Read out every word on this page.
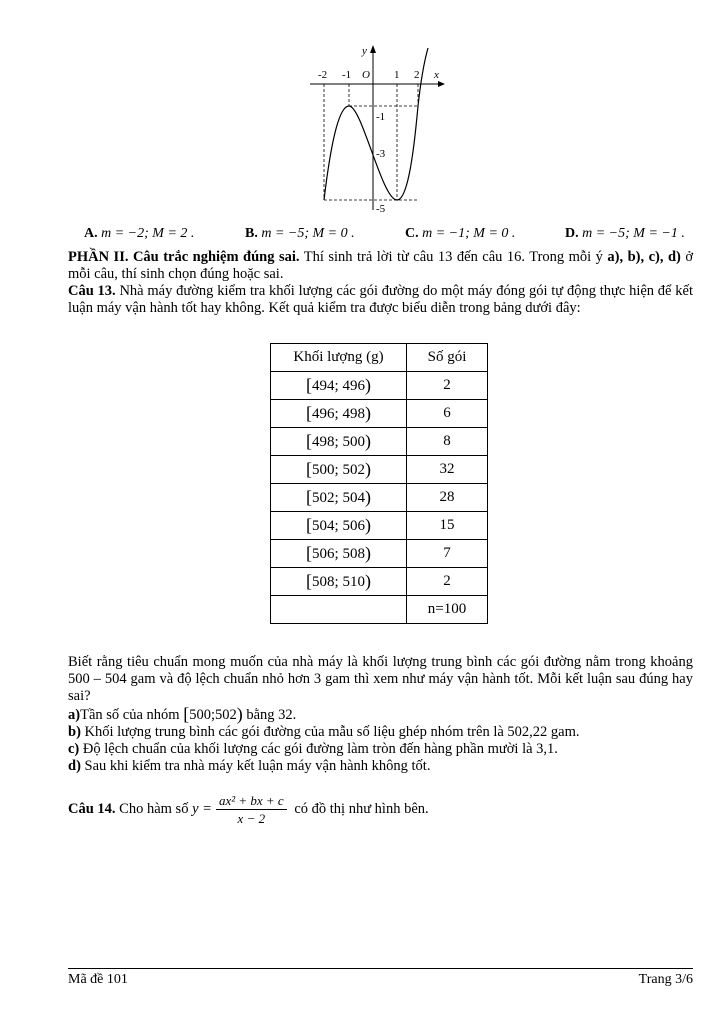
y
x
O
-2 -1	1 2
-1
-3
-5
A. m = −2; M = 2 .	B. m = −5; M = 0 .	C. m = −1; M = 0 .	D. m = −5; M = −1 .

PHẦN II. Câu trắc nghiệm đúng sai. Thí sinh trả lời từ câu 13 đến câu 16. Trong mỗi ý a), b), c), d) ở mỗi câu, thí sinh chọn đúng hoặc sai.

Câu 13. Nhà máy đường kiểm tra khối lượng các gói đường do một máy đóng gói tự động thực hiện để kết luận máy vận hành tốt hay không. Kết quả kiểm tra được biểu diễn trong bảng dưới đây:

Khối lượng (g)	Số gói
[494; 496)	2
[496; 498)	6
[498; 500)	8
[500; 502)	32
[502; 504)	28
[504; 506)	15
[506; 508)	7
[508; 510)	2
	n=100

Biết rằng tiêu chuẩn mong muốn của nhà máy là khối lượng trung bình các gói đường nằm trong khoảng 500 – 504 gam và độ lệch chuẩn nhỏ hơn 3 gam thì xem như máy vận hành tốt. Mỗi kết luận sau đúng hay sai?

a)Tần số của nhóm [500;502) bằng 32.

b) Khối lượng trung bình các gói đường của mẫu số liệu ghép nhóm trên là 502,22 gam.

c) Độ lệch chuẩn của khối lượng các gói đường làm tròn đến hàng phần mười là 3,1.

d) Sau khi kiểm tra nhà máy kết luận máy vận hành không tốt.

Câu 14. Cho hàm số $y = \frac{\text{ax² + bx + c}}{x - 2}$ có đồ thị như hình bên.

Mã đề 101	Trang 3/6
